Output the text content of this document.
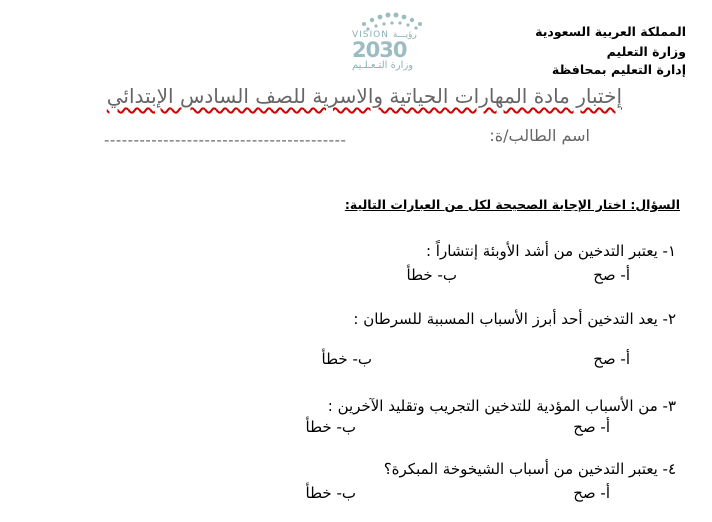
المملكة العربية السعودية
وزارة التعليم
إدارة التعليم بمحافظة
VISION رؤيـــة
2030
وزارة التـعـلـيم
إختبار مادة المهارات الحياتية والاسرية للصف السادس الإبتدائي
اسم الطالب/ة:
-----------------------------------------
السؤال: اختار الإجابة الصحيحة لكل من العبارات التالية:
١- يعتبر التدخين من أشد الأوبئة إنتشاراً :
أ- صح
ب- خطأ
٢- يعد التدخين أحد أبرز الأسباب المسببة للسرطان :
أ- صح
ب- خطأ
٣- من الأسباب المؤدية للتدخين التجريب وتقليد الآخرين :
أ- صح
ب- خطأ
٤- يعتبر التدخين من أسباب الشيخوخة المبكرة؟
أ- صح
ب- خطأ
